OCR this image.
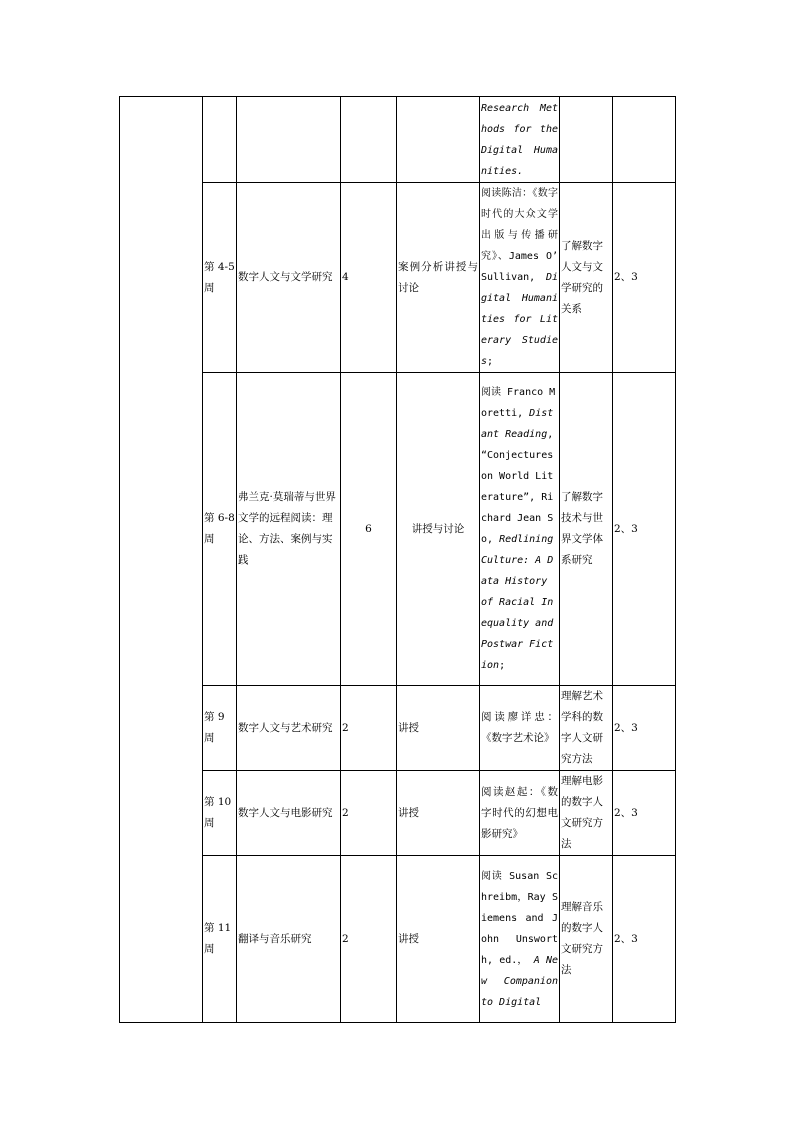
					Research Methods for the Digital Humanities.		
	第 4-5 周	数字人文与文学研究	4	案例分析讲授与讨论	阅读陈洁：《数字时代的大众文学出版与传播研究》、James O’ Sullivan, Digital Humanities for Literary Studies;	了解数字人文与文学研究的关系	2、3
	第 6-8 周	弗兰克·莫瑞蒂与世界文学的远程阅读：理论、方法、案例与实践	6	讲授与讨论	阅读 Franco Moretti, Distant Reading, “Conjectures on World Literature”, Richard Jean So, Redlining Culture: A Data History of Racial Inequality and Postwar Fiction;	了解数字技术与世界文学体系研究	2、3
	第 9 周	数字人文与艺术研究	2	讲授	阅读廖详忠：《数字艺术论》	理解艺术学科的数字人文研究方法	2、3
	第 10 周	数字人文与电影研究	2	讲授	阅读赵起：《数字时代的幻想电影研究》	理解电影的数字人文研究方法	2、3
	第 11 周	翻译与音乐研究	2	讲授	阅读 Susan Schreibm，Ray Siemens and John Unsworth, ed.， A New Companion to Digital	理解音乐的数字人文研究方法	2、3
